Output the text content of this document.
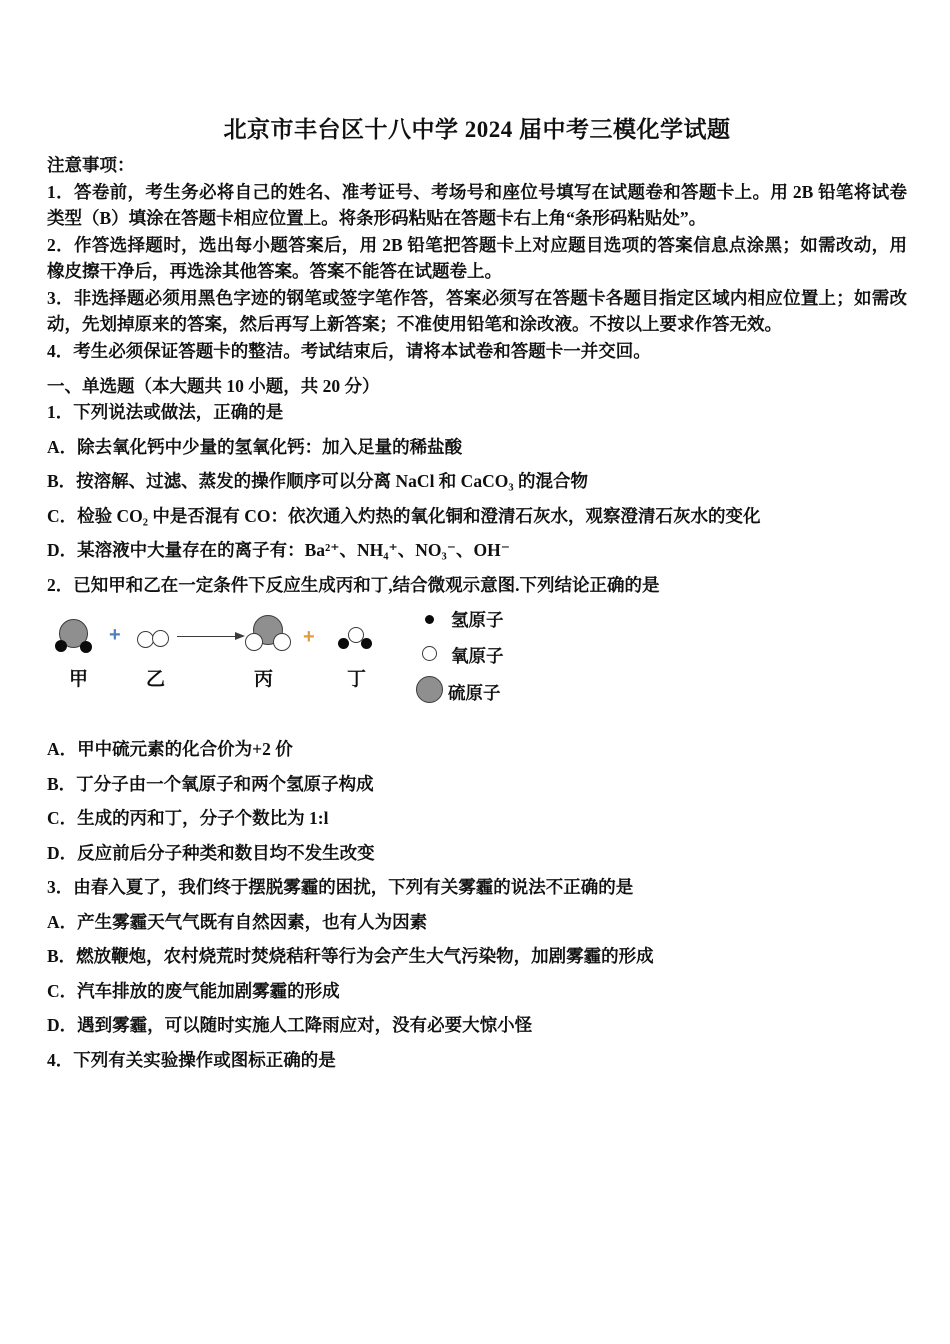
北京市丰台区十八中学 2024 届中考三模化学试题

注意事项：

1．答卷前，考生务必将自己的姓名、准考证号、考场号和座位号填写在试题卷和答题卡上。用 2B 铅笔将试卷类型（B）填涂在答题卡相应位置上。将条形码粘贴在答题卡右上角“条形码粘贴处”。

2．作答选择题时，选出每小题答案后，用 2B 铅笔把答题卡上对应题目选项的答案信息点涂黑；如需改动，用橡皮擦干净后，再选涂其他答案。答案不能答在试题卷上。

3．非选择题必须用黑色字迹的钢笔或签字笔作答，答案必须写在答题卡各题目指定区域内相应位置上；如需改动，先划掉原来的答案，然后再写上新答案；不准使用铅笔和涂改液。不按以上要求作答无效。

4．考生必须保证答题卡的整洁。考试结束后，请将本试卷和答题卡一并交回。

一、单选题（本大题共 10 小题，共 20 分）

1．下列说法或做法，正确的是

A．除去氧化钙中少量的氢氧化钙：加入足量的稀盐酸

B．按溶解、过滤、蒸发的操作顺序可以分离 NaCl 和 CaCO₃ 的混合物

C．检验 CO₂ 中是否混有 CO：依次通入灼热的氧化铜和澄清石灰水，观察澄清石灰水的变化

D．某溶液中大量存在的离子有：Ba²⁺、NH₄⁺、NO₃⁻、OH⁻

2．已知甲和乙在一定条件下反应生成丙和丁,结合微观示意图.下列结论正确的是

+	+
甲	乙	丙	丁
氢原子
氧原子
硫原子

A．甲中硫元素的化合价为+2 价

B．丁分子由一个氧原子和两个氢原子构成

C．生成的丙和丁，分子个数比为 1:l

D．反应前后分子种类和数目均不发生改变

3．由春入夏了，我们终于摆脱雾霾的困扰，下列有关雾霾的说法不正确的是

A．产生雾霾天气气既有自然因素，也有人为因素

B．燃放鞭炮，农村烧荒时焚烧秸秆等行为会产生大气污染物，加剧雾霾的形成

C．汽车排放的废气能加剧雾霾的形成

D．遇到雾霾，可以随时实施人工降雨应对，没有必要大惊小怪

4．下列有关实验操作或图标正确的是
